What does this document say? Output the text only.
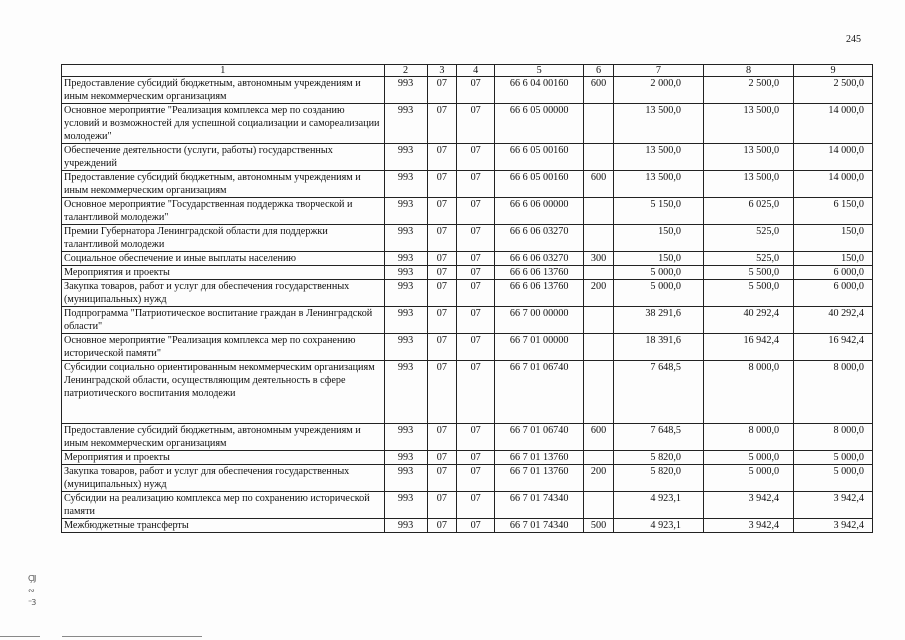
245
ÇIJ
∾
⁼3
1	2	3	4	5	6	7	8	9
Предоставление субсидий бюджетным, автономным учреждениям и иным некоммерческим организациям	993	07	07	66 6 04 00160	600	2 000,0	2 500,0	2 500,0
Основное мероприятие "Реализация комплекса мер по созданию условий и возможностей для успешной социализации и самореализации молодежи"	993	07	07	66 6 05 00000		13 500,0	13 500,0	14 000,0
Обеспечение деятельности (услуги, работы) государственных учреждений	993	07	07	66 6 05 00160		13 500,0	13 500,0	14 000,0
Предоставление субсидий бюджетным, автономным учреждениям и иным некоммерческим организациям	993	07	07	66 6 05 00160	600	13 500,0	13 500,0	14 000,0
Основное мероприятие "Государственная поддержка творческой и талантливой молодежи"	993	07	07	66 6 06 00000		5 150,0	6 025,0	6 150,0
Премии Губернатора Ленинградской области для поддержки талантливой молодежи	993	07	07	66 6 06 03270		150,0	525,0	150,0
Социальное обеспечение и иные выплаты населению	993	07	07	66 6 06 03270	300	150,0	525,0	150,0
Мероприятия и проекты	993	07	07	66 6 06 13760		5 000,0	5 500,0	6 000,0
Закупка товаров, работ и услуг для обеспечения государственных (муниципальных) нужд	993	07	07	66 6 06 13760	200	5 000,0	5 500,0	6 000,0
Подпрограмма "Патриотическое воспитание граждан в Ленинградской области"	993	07	07	66 7 00 00000		38 291,6	40 292,4	40 292,4
Основное мероприятие "Реализация комплекса мер по сохранению исторической памяти"	993	07	07	66 7 01 00000		18 391,6	16 942,4	16 942,4
Субсидии социально ориентированным некоммерческим организациям Ленинградской области, осуществляющим деятельность в сфере патриотического воспитания молодежи	993	07	07	66 7 01 06740		7 648,5	8 000,0	8 000,0
Предоставление субсидий бюджетным, автономным учреждениям и иным некоммерческим организациям	993	07	07	66 7 01 06740	600	7 648,5	8 000,0	8 000,0
Мероприятия и проекты	993	07	07	66 7 01 13760		5 820,0	5 000,0	5 000,0
Закупка товаров, работ и услуг для обеспечения государственных (муниципальных) нужд	993	07	07	66 7 01 13760	200	5 820,0	5 000,0	5 000,0
Субсидии на реализацию комплекса мер по сохранению исторической памяти	993	07	07	66 7 01 74340		4 923,1	3 942,4	3 942,4
Межбюджетные трансферты	993	07	07	66 7 01 74340	500	4 923,1	3 942,4	3 942,4
